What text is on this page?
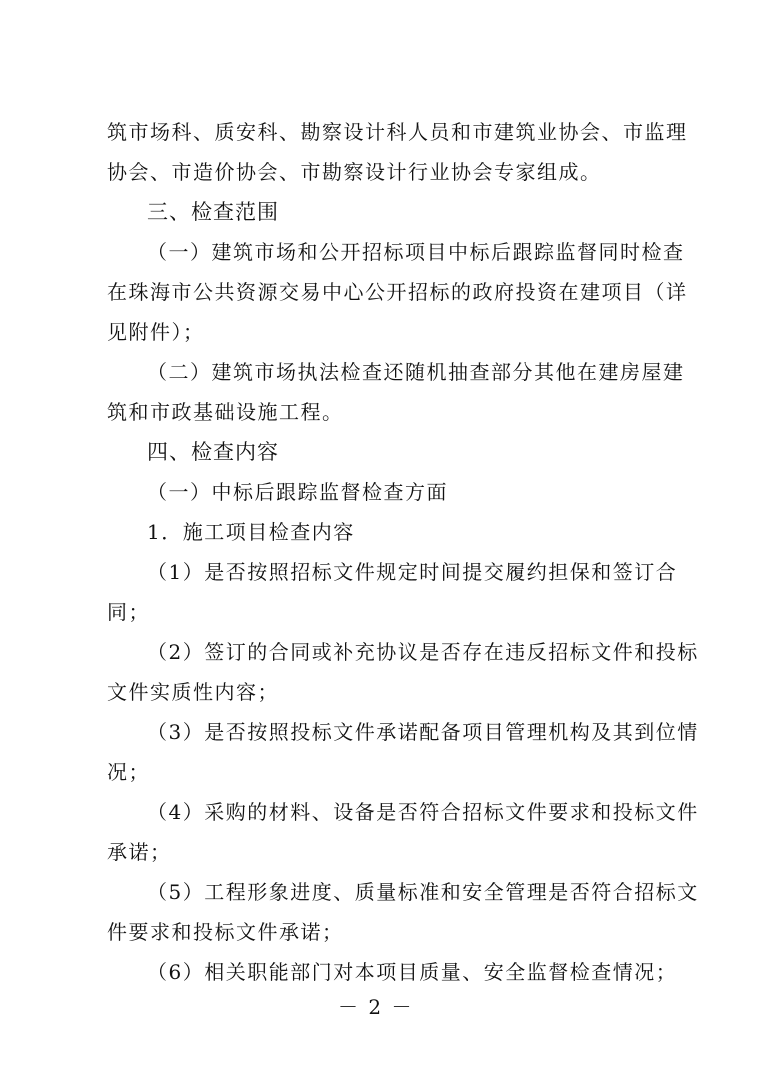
筑市场科、质安科、勘察设计科人员和市建筑业协会、市监理
协会、市造价协会、市勘察设计行业协会专家组成。
三、检查范围
（一）建筑市场和公开招标项目中标后跟踪监督同时检查
在珠海市公共资源交易中心公开招标的政府投资在建项目（详
见附件）；
（二）建筑市场执法检查还随机抽查部分其他在建房屋建
筑和市政基础设施工程。
四、检查内容
（一）中标后跟踪监督检查方面
1．施工项目检查内容
（1）是否按照招标文件规定时间提交履约担保和签订合
同；
（2）签订的合同或补充协议是否存在违反招标文件和投标
文件实质性内容；
（3）是否按照投标文件承诺配备项目管理机构及其到位情
况；
（4）采购的材料、设备是否符合招标文件要求和投标文件
承诺；
（5）工程形象进度、质量标准和安全管理是否符合招标文
件要求和投标文件承诺；
（6）相关职能部门对本项目质量、安全监督检查情况；
－ 2 －
